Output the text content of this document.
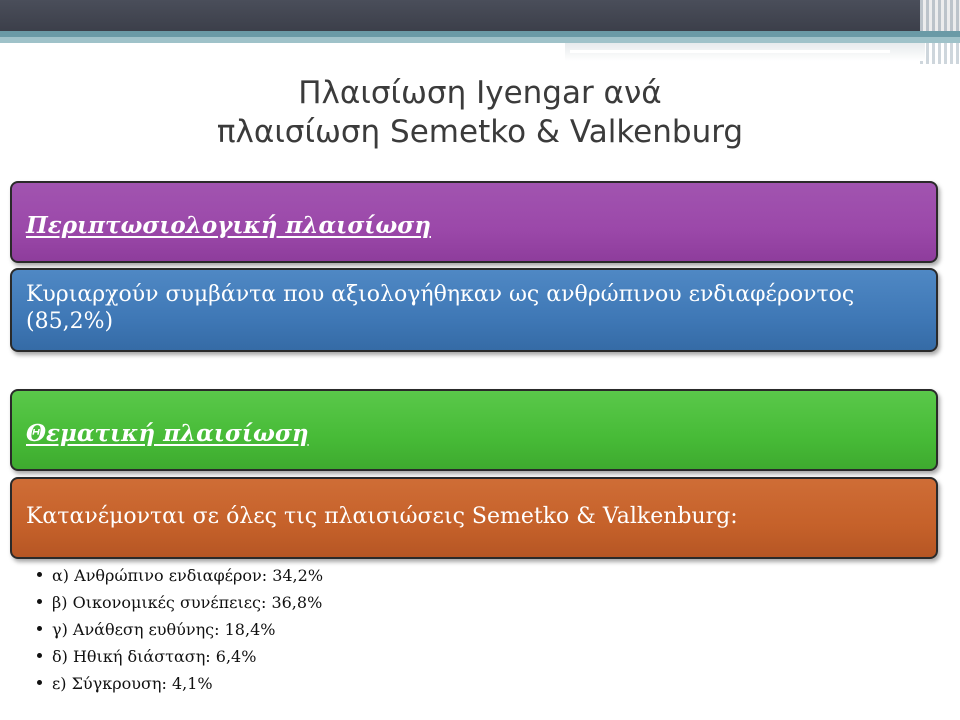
Πλαισίωση Iyengar ανά
πλαισίωση Semetko & Valkenburg
Περιπτωσιολογική πλαισίωση
Κυριαρχούν συμβάντα που αξιολογήθηκαν ως ανθρώπινου ενδιαφέροντος (85,2%)
Θεματική πλαισίωση
Κατανέμονται σε όλες τις πλαισιώσεις Semetko & Valkenburg:
α) Ανθρώπινο ενδιαφέρον: 34,2%
β) Οικονομικές συνέπειες: 36,8%
γ) Ανάθεση ευθύνης: 18,4%
δ) Ηθική διάσταση: 6,4%
ε) Σύγκρουση: 4,1%
